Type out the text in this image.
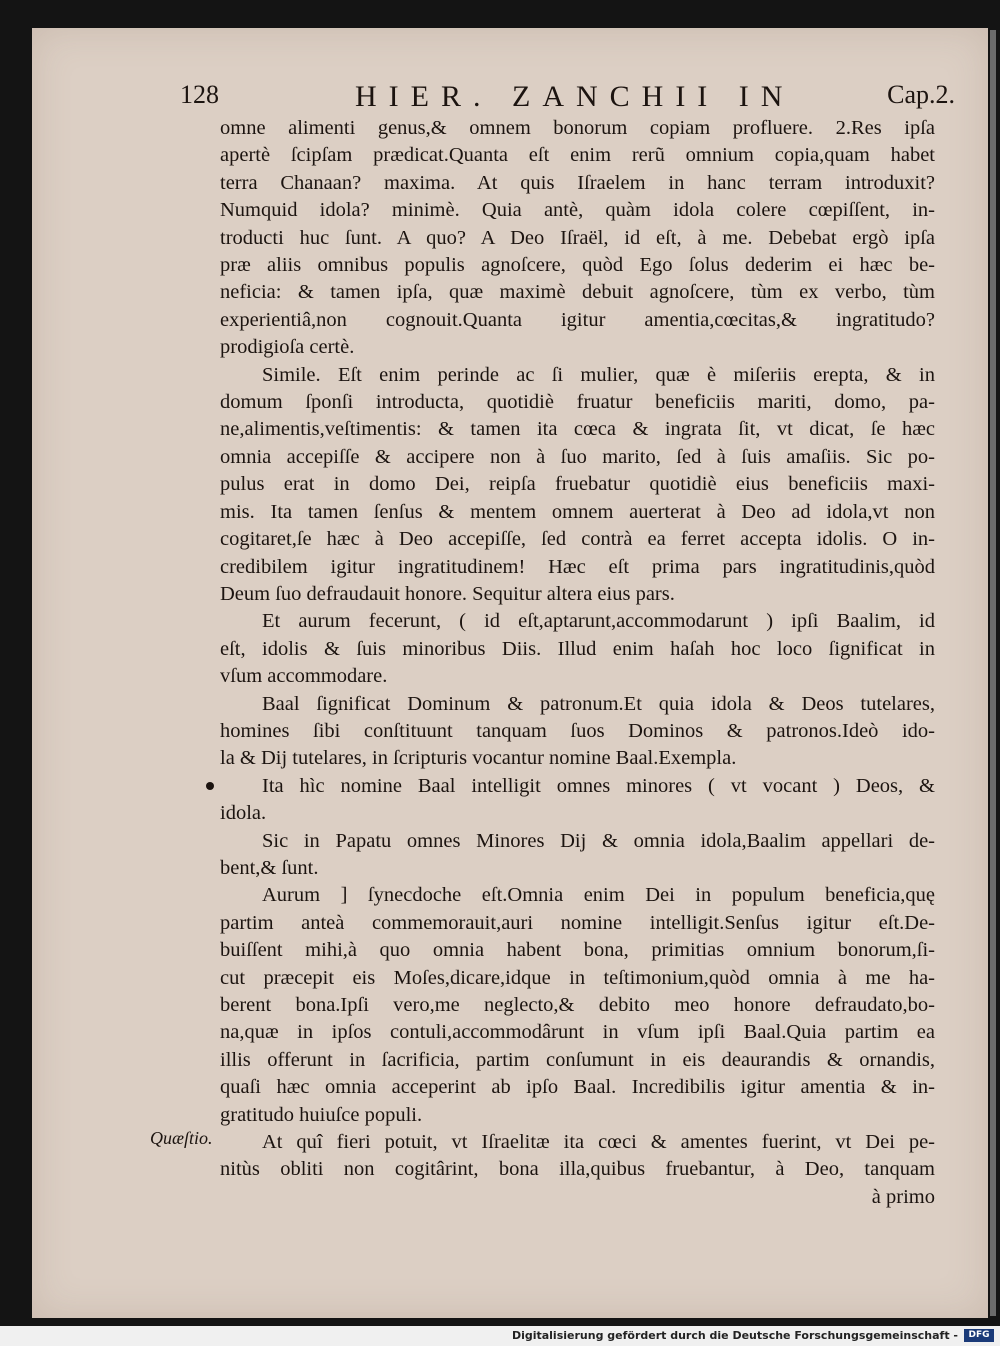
128	HIER. ZANCHII IN	Cap.2.

omne alimenti genus,& omnem bonorum copiam profluere. 2.Res ipſa

apertè ſcipſam prædicat.Quanta eſt enim rerũ omnium copia,quam habet

terra Chanaan? maxima. At quis Iſraelem in hanc terram introduxit?

Numquid idola? minimè. Quia antè, quàm idola colere cœpiſſent, in-

troducti huc ſunt. A quo? A Deo Iſraël, id eſt, à me. Debebat ergò ipſa

præ aliis omnibus populis agnoſcere, quòd Ego ſolus dederim ei hæc be-

neficia: & tamen ipſa, quæ maximè debuit agnoſcere, tùm ex verbo, tùm

experientiâ,non cognouit.Quanta igitur amentia,cœcitas,& ingratitudo?

prodigioſa certè.

Simile. Eſt enim perinde ac ſi mulier, quæ è miſeriis erepta, & in

domum ſponſi introducta, quotidiè fruatur beneficiis mariti, domo, pa-

ne,alimentis,veſtimentis: & tamen ita cœca & ingrata ſit, vt dicat, ſe hæc

omnia accepiſſe & accipere non à ſuo marito, ſed à ſuis amaſiis. Sic po-

pulus erat in domo Dei, reipſa fruebatur quotidiè eius beneficiis maxi-

mis. Ita tamen ſenſus & mentem omnem auerterat à Deo ad idola,vt non

cogitaret,ſe hæc à Deo accepiſſe, ſed contrà ea ferret accepta idolis. O in-

credibilem igitur ingratitudinem! Hæc eſt prima pars ingratitudinis,quòd

Deum ſuo defraudauit honore. Sequitur altera eius pars.

Et aurum fecerunt, ( id eſt,aptarunt,accommodarunt ) ipſi Baalim, id

eſt, idolis & ſuis minoribus Diis. Illud enim haſah hoc loco ſignificat in

vſum accommodare.

Baal ſignificat Dominum & patronum.Et quia idola & Deos tutelares,

homines ſibi conſtituunt tanquam ſuos Dominos & patronos.Ideò ido-

la & Dij tutelares, in ſcripturis vocantur nomine Baal.Exempla.

Ita hìc nomine Baal intelligit omnes minores ( vt vocant ) Deos, &

idola.

Sic in Papatu omnes Minores Dij & omnia idola,Baalim appellari de-

bent,& ſunt.

Aurum ] ſynecdoche eſt.Omnia enim Dei in populum beneficia,quę

partim anteà commemorauit,auri nomine intelligit.Senſus igitur eſt.De-

buiſſent mihi,à quo omnia habent bona, primitias omnium bonorum,ſi-

cut præcepit eis Moſes,dicare,idque in teſtimonium,quòd omnia à me ha-

berent bona.Ipſi vero,me neglecto,& debito meo honore defraudato,bo-

na,quæ in ipſos contuli,accommodârunt in vſum ipſi Baal.Quia partim ea

illis offerunt in ſacrificia, partim conſumunt in eis deaurandis & ornandis,

quaſi hæc omnia acceperint ab ipſo Baal. Incredibilis igitur amentia & in-

gratitudo huiuſce populi.

At quî fieri potuit, vt Iſraelitæ ita cœci & amentes fuerint, vt Dei pe-

nitùs obliti non cogitârint, bona illa,quibus fruebantur, à Deo, tanquam

à primo

Quæſtio.
Digitalisierung gefördert durch die Deutsche Forschungsgemeinschaft -	DFG
